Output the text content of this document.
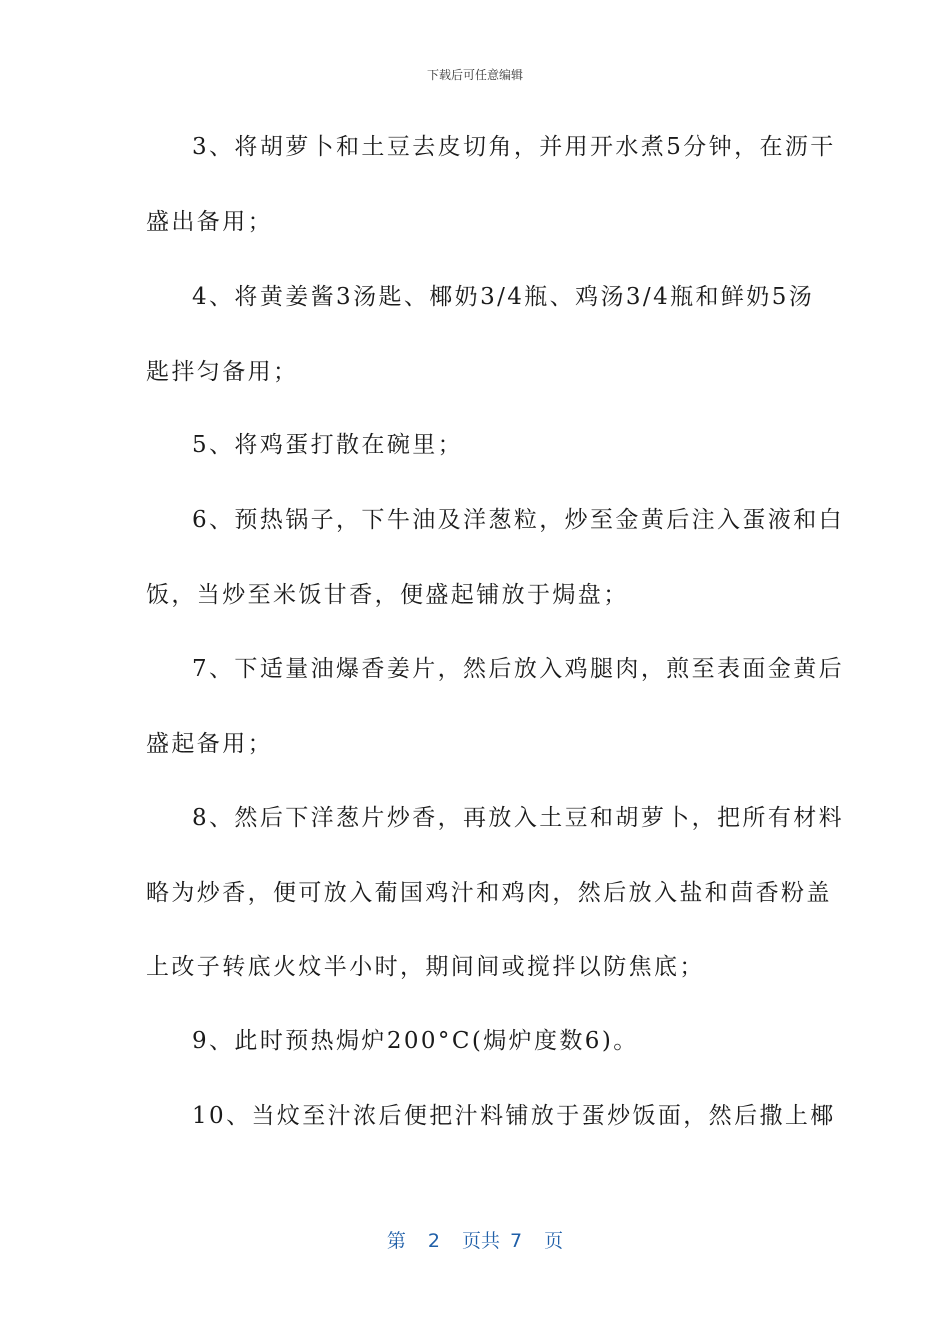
下载后可任意编辑
3、将胡萝卜和土豆去皮切角，并用开水煮5分钟，在沥干
盛出备用；
4、将黄姜酱3汤匙、椰奶3/4瓶、鸡汤3/4瓶和鲜奶5汤
匙拌匀备用；
5、将鸡蛋打散在碗里；
6、预热锅子，下牛油及洋葱粒，炒至金黄后注入蛋液和白
饭，当炒至米饭甘香，便盛起铺放于焗盘；
7、下适量油爆香姜片，然后放入鸡腿肉，煎至表面金黄后
盛起备用；
8、然后下洋葱片炒香，再放入土豆和胡萝卜，把所有材料
略为炒香，便可放入葡国鸡汁和鸡肉，然后放入盐和茴香粉盖
上改子转底火炆半小时，期间间或搅拌以防焦底；
9、此时预热焗炉200°C(焗炉度数6)。
10、当炆至汁浓后便把汁料铺放于蛋炒饭面，然后撒上椰
第 2 页共 7 页
